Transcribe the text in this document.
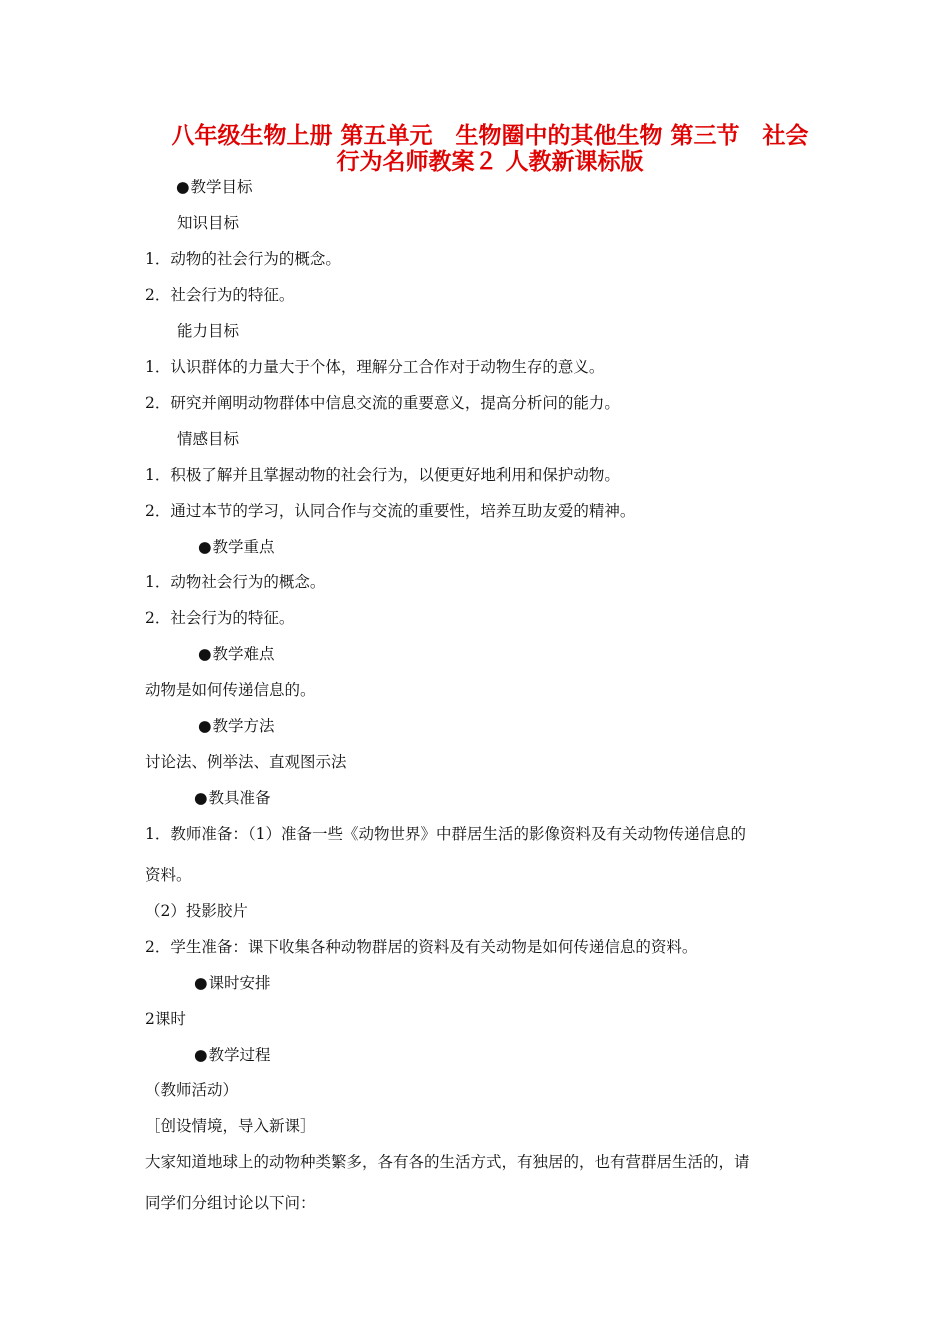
八年级生物上册 第五单元　生物圈中的其他生物 第三节　社会
行为名师教案２ 人教新课标版
● 教学目标
知识目标
1．动物的社会行为的概念。
2．社会行为的特征。
能力目标
1．认识群体的力量大于个体，理解分工合作对于动物生存的意义。
2．研究并阐明动物群体中信息交流的重要意义，提高分析问的能力。
情感目标
1．积极了解并且掌握动物的社会行为，以便更好地利用和保护动物。
2．通过本节的学习，认同合作与交流的重要性，培养互助友爱的精神。
● 教学重点
1．动物社会行为的概念。
2．社会行为的特征。
● 教学难点
动物是如何传递信息的。
● 教学方法
讨论法、例举法、直观图示法
● 教具准备
1．教师准备：（1）准备一些《动物世界》中群居生活的影像资料及有关动物传递信息的
资料。
（2）投影胶片
2．学生准备：课下收集各种动物群居的资料及有关动物是如何传递信息的资料。
● 课时安排
2课时
● 教学过程
（教师活动）
［创设情境，导入新课］
大家知道地球上的动物种类繁多，各有各的生活方式，有独居的，也有营群居生活的，请
同学们分组讨论以下问：
